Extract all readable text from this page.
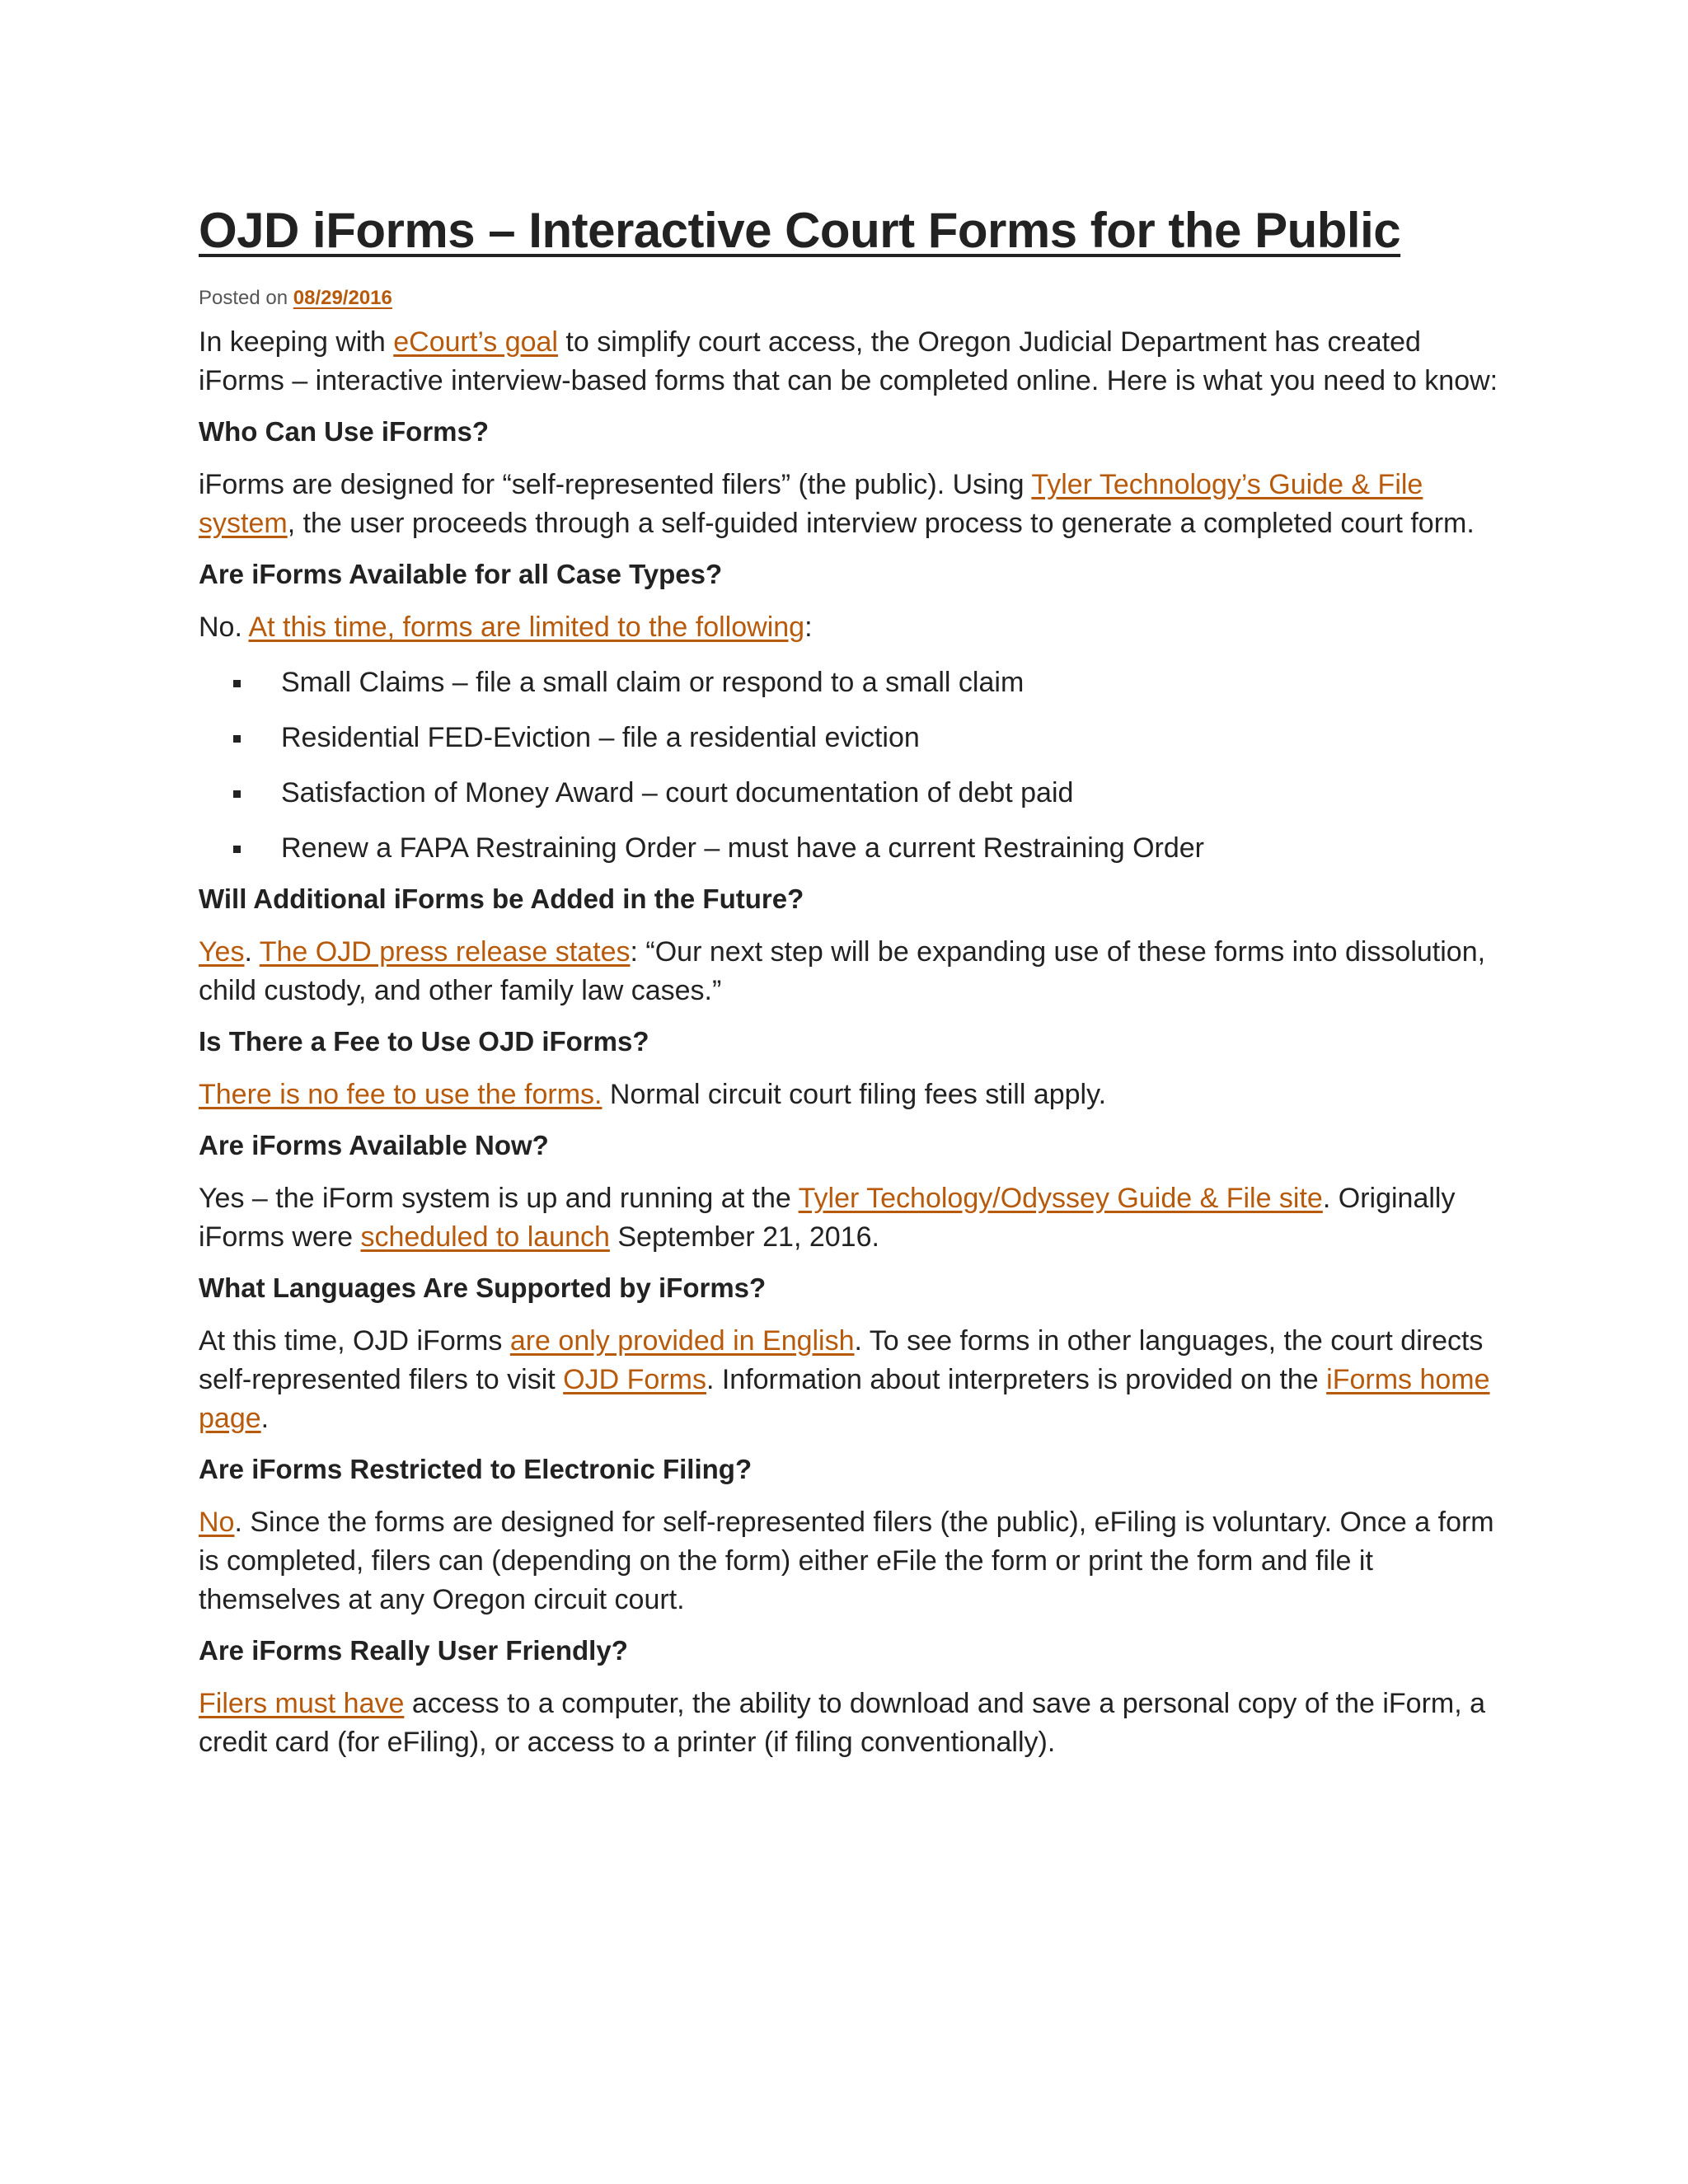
OJD iForms – Interactive Court Forms for the Public
Posted on 08/29/2016

In keeping with eCourt’s goal to simplify court access, the Oregon Judicial Department has created iForms – interactive interview-based forms that can be completed online. Here is what you need to know:

Who Can Use iForms?

iForms are designed for “self-represented filers” (the public). Using Tyler Technology’s Guide & File system, the user proceeds through a self-guided interview process to generate a completed court form.

Are iForms Available for all Case Types?

No. At this time, forms are limited to the following:

Small Claims – file a small claim or respond to a small claim
Residential FED-Eviction – file a residential eviction
Satisfaction of Money Award – court documentation of debt paid
Renew a FAPA Restraining Order – must have a current Restraining Order
Will Additional iForms be Added in the Future?

Yes. The OJD press release states: “Our next step will be expanding use of these forms into dissolution, child custody, and other family law cases.”

Is There a Fee to Use OJD iForms?

There is no fee to use the forms. Normal circuit court filing fees still apply.

Are iForms Available Now?

Yes – the iForm system is up and running at the Tyler Techology/Odyssey Guide & File site. Originally iForms were scheduled to launch September 21, 2016.

What Languages Are Supported by iForms?

At this time, OJD iForms are only provided in English. To see forms in other languages, the court directs self-represented filers to visit OJD Forms. Information about interpreters is provided on the iForms home page.

Are iForms Restricted to Electronic Filing?

No. Since the forms are designed for self-represented filers (the public), eFiling is voluntary. Once a form is completed, filers can (depending on the form) either eFile the form or print the form and file it themselves at any Oregon circuit court.

Are iForms Really User Friendly?

Filers must have access to a computer, the ability to download and save a personal copy of the iForm, a credit card (for eFiling), or access to a printer (if filing conventionally).
